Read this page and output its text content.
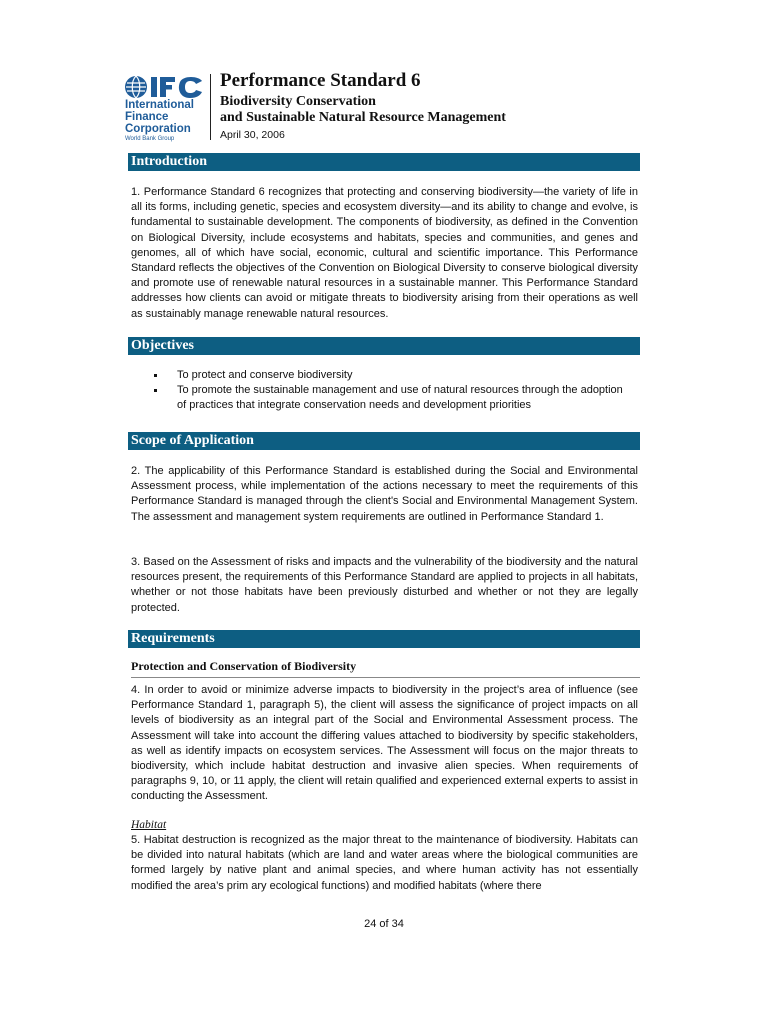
International
Finance
Corporation
World Bank Group
Performance Standard 6
Biodiversity Conservation
and Sustainable Natural Resource Management
April 30, 2006
Introduction

1. Performance Standard 6 recognizes that protecting and conserving biodiversity—the variety of life in all its forms, including genetic, species and ecosystem diversity—and its ability to change and evolve, is fundamental to sustainable development. The components of biodiversity, as defined in the Convention on Biological Diversity, include ecosystems and habitats, species and communities, and genes and genomes, all of which have social, economic, cultural and scientific importance. This Performance Standard reflects the objectives of the Convention on Biological Diversity to conserve biological diversity and promote use of renewable natural resources in a sustainable manner. This Performance Standard addresses how clients can avoid or mitigate threats to biodiversity arising from their operations as well as sustainably manage renewable natural resources.

Objectives
To protect and conserve biodiversity
To promote the sustainable management and use of natural resources through the adoption of practices that integrate conservation needs and development priorities
Scope of Application

2. The applicability of this Performance Standard is established during the Social and Environmental Assessment process, while implementation of the actions necessary to meet the requirements of this Performance Standard is managed through the client's Social and Environmental Management System. The assessment and management system requirements are outlined in Performance Standard 1.

3. Based on the Assessment of risks and impacts and the vulnerability of the biodiversity and the natural resources present, the requirements of this Performance Standard are applied to projects in all habitats, whether or not those habitats have been previously disturbed and whether or not they are legally protected.

Requirements
Protection and Conservation of Biodiversity

4. In order to avoid or minimize adverse impacts to biodiversity in the project’s area of influence (see Performance Standard 1, paragraph 5), the client will assess the significance of project impacts on all levels of biodiversity as an integral part of the Social and Environmental Assessment process. The Assessment will take into account the differing values attached to biodiversity by specific stakeholders, as well as identify impacts on ecosystem services. The Assessment will focus on the major threats to biodiversity, which include habitat destruction and invasive alien species. When requirements of paragraphs 9, 10, or 11 apply, the client will retain qualified and experienced external experts to assist in conducting the Assessment.

Habitat

5. Habitat destruction is recognized as the major threat to the maintenance of biodiversity. Habitats can be divided into natural habitats (which are land and water areas where the biological communities are formed largely by native plant and animal species, and where human activity has not essentially modified the area’s prim ary ecological functions) and modified habitats (where there

24 of 34
